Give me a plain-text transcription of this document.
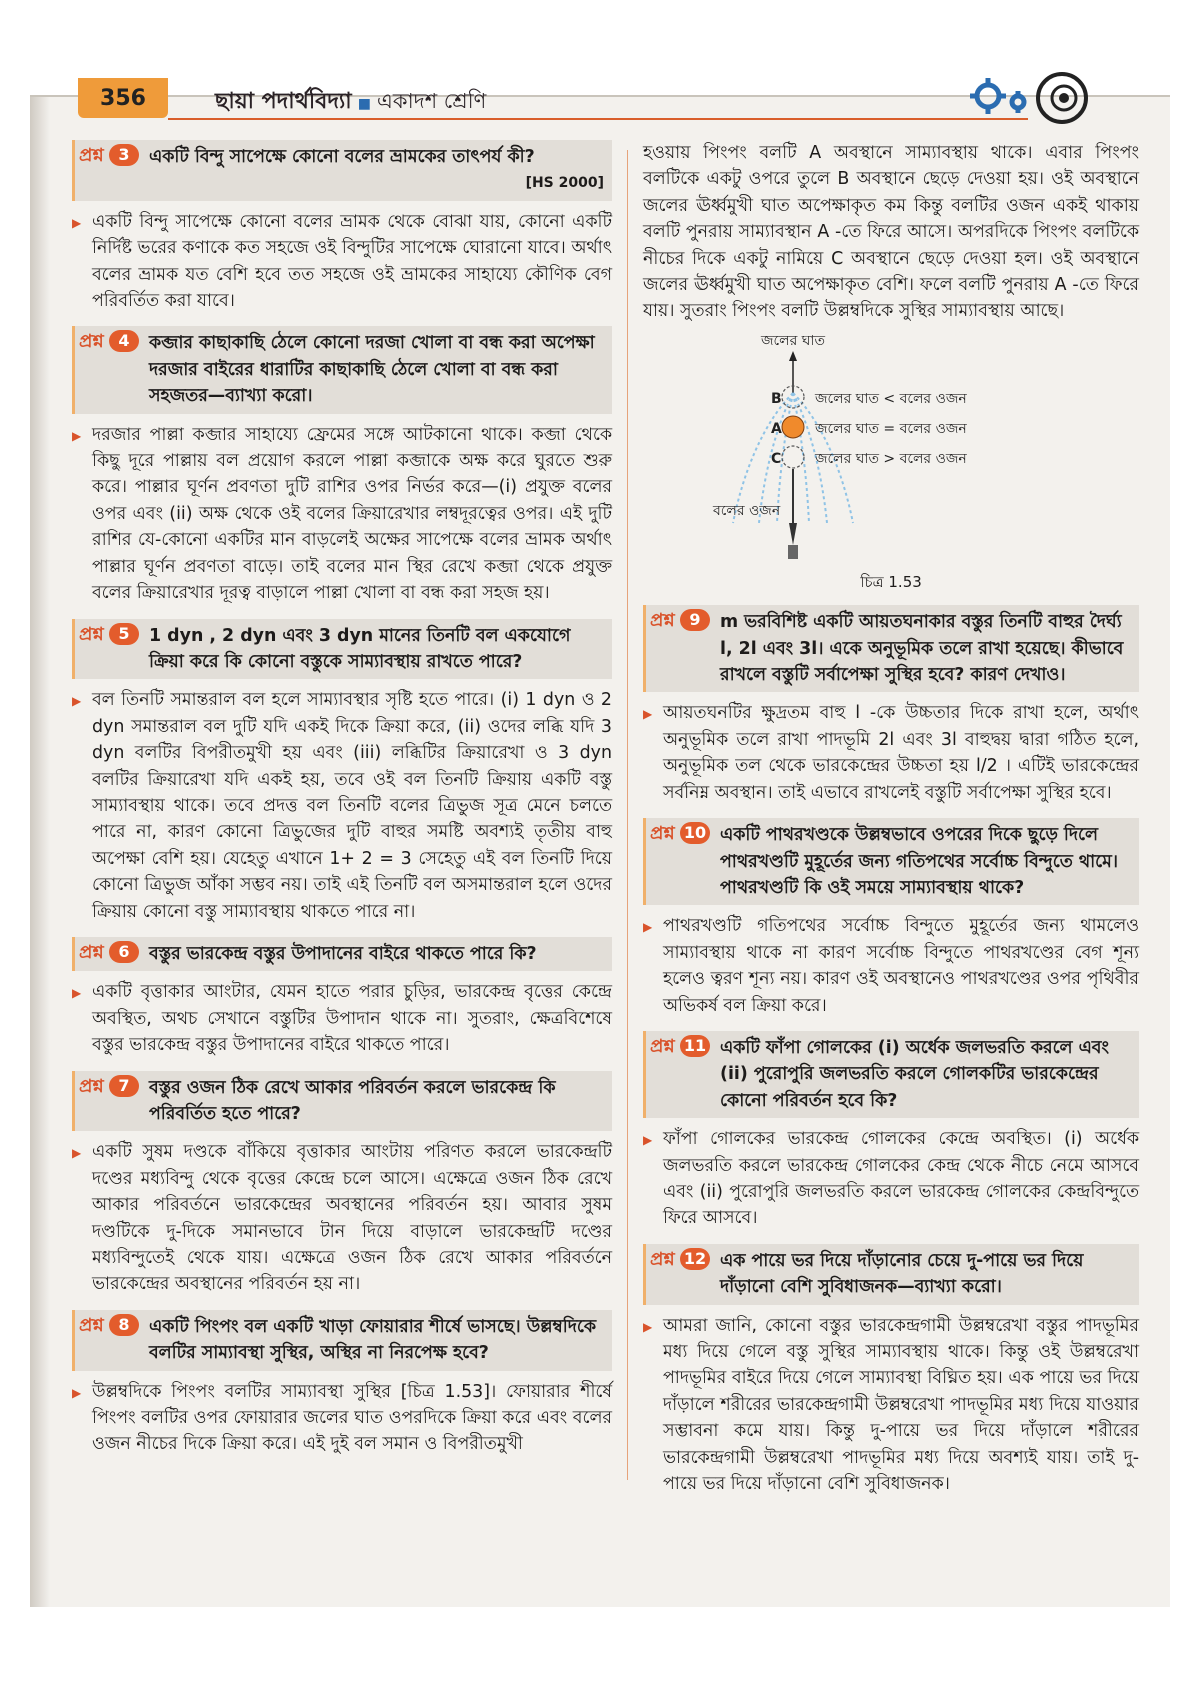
356	ছায়া পদার্থবিদ্যা ■ একাদশ শ্রেণি
প্রশ্ন 3	একটি বিন্দু সাপেক্ষে কোনো বলের ভ্রামকের তাৎপর্য কী?
[HS 2000]

▶ একটি বিন্দু সাপেক্ষে কোনো বলের ভ্রামক থেকে বোঝা যায়, কোনো একটি নির্দিষ্ট ভরের কণাকে কত সহজে ওই বিন্দুটির সাপেক্ষে ঘোরানো যাবে। অর্থাৎ বলের ভ্রামক যত বেশি হবে তত সহজে ওই ভ্রামকের সাহায্যে কৌণিক বেগ পরিবর্তিত করা যাবে।

প্রশ্ন 4	কব্জার কাছাকাছি ঠেলে কোনো দরজা খোলা বা বন্ধ করা অপেক্ষা দরজার বাইরের ধারাটির কাছাকাছি ঠেলে খোলা বা বন্ধ করা সহজতর—ব্যাখ্যা করো।

▶ দরজার পাল্লা কব্জার সাহায্যে ফ্রেমের সঙ্গে আটকানো থাকে। কব্জা থেকে কিছু দূরে পাল্লায় বল প্রয়োগ করলে পাল্লা কব্জাকে অক্ষ করে ঘুরতে শুরু করে। পাল্লার ঘূর্ণন প্রবণতা দুটি রাশির ওপর নির্ভর করে—(i) প্রযুক্ত বলের ওপর এবং (ii) অক্ষ থেকে ওই বলের ক্রিয়ারেখার লম্বদূরত্বের ওপর। এই দুটি রাশির যে-কোনো একটির মান বাড়লেই অক্ষের সাপেক্ষে বলের ভ্রামক অর্থাৎ পাল্লার ঘূর্ণন প্রবণতা বাড়ে। তাই বলের মান স্থির রেখে কব্জা থেকে প্রযুক্ত বলের ক্রিয়ারেখার দূরত্ব বাড়ালে পাল্লা খোলা বা বন্ধ করা সহজ হয়।

প্রশ্ন 5	1 dyn , 2 dyn এবং 3 dyn মানের তিনটি বল একযোগে ক্রিয়া করে কি কোনো বস্তুকে সাম্যাবস্থায় রাখতে পারে?

▶ বল তিনটি সমান্তরাল বল হলে সাম্যাবস্থার সৃষ্টি হতে পারে। (i) 1 dyn ও 2 dyn সমান্তরাল বল দুটি যদি একই দিকে ক্রিয়া করে, (ii) ওদের লব্ধি যদি 3 dyn বলটির বিপরীতমুখী হয় এবং (iii) লব্ধিটির ক্রিয়ারেখা ও 3 dyn বলটির ক্রিয়ারেখা যদি একই হয়, তবে ওই বল তিনটি ক্রিয়ায় একটি বস্তু সাম্যাবস্থায় থাকে। তবে প্রদত্ত বল তিনটি বলের ত্রিভুজ সূত্র মেনে চলতে পারে না, কারণ কোনো ত্রিভুজের দুটি বাহুর সমষ্টি অবশ্যই তৃতীয় বাহু অপেক্ষা বেশি হয়। যেহেতু এখানে 1+ 2 = 3 সেহেতু এই বল তিনটি দিয়ে কোনো ত্রিভুজ আঁকা সম্ভব নয়। তাই এই তিনটি বল অসমান্তরাল হলে ওদের ক্রিয়ায় কোনো বস্তু সাম্যাবস্থায় থাকতে পারে না।

প্রশ্ন 6	বস্তুর ভারকেন্দ্র বস্তুর উপাদানের বাইরে থাকতে পারে কি?

▶ একটি বৃত্তাকার আংটার, যেমন হাতে পরার চুড়ির, ভারকেন্দ্র বৃত্তের কেন্দ্রে অবস্থিত, অথচ সেখানে বস্তুটির উপাদান থাকে না। সুতরাং, ক্ষেত্রবিশেষে বস্তুর ভারকেন্দ্র বস্তুর উপাদানের বাইরে থাকতে পারে।

প্রশ্ন 7	বস্তুর ওজন ঠিক রেখে আকার পরিবর্তন করলে ভারকেন্দ্র কি পরিবর্তিত হতে পারে?

▶ একটি সুষম দণ্ডকে বাঁকিয়ে বৃত্তাকার আংটায় পরিণত করলে ভারকেন্দ্রটি দণ্ডের মধ্যবিন্দু থেকে বৃত্তের কেন্দ্রে চলে আসে। এক্ষেত্রে ওজন ঠিক রেখে আকার পরিবর্তনে ভারকেন্দ্রের অবস্থানের পরিবর্তন হয়। আবার সুষম দণ্ডটিকে দু-দিকে সমানভাবে টান দিয়ে বাড়ালে ভারকেন্দ্রটি দণ্ডের মধ্যবিন্দুতেই থেকে যায়। এক্ষেত্রে ওজন ঠিক রেখে আকার পরিবর্তনে ভারকেন্দ্রের অবস্থানের পরিবর্তন হয় না।

প্রশ্ন 8	একটি পিংপং বল একটি খাড়া ফোয়ারার শীর্ষে ভাসছে। উল্লম্বদিকে বলটির সাম্যাবস্থা সুস্থির, অস্থির না নিরপেক্ষ হবে?

▶ উল্লম্বদিকে পিংপং বলটির সাম্যাবস্থা সুস্থির [চিত্র 1.53]। ফোয়ারার শীর্ষে পিংপং বলটির ওপর ফোয়ারার জলের ঘাত ওপরদিকে ক্রিয়া করে এবং বলের ওজন নীচের দিকে ক্রিয়া করে। এই দুই বল সমান ও বিপরীতমুখী

হওয়ায় পিংপং বলটি A অবস্থানে সাম্যাবস্থায় থাকে। এবার পিংপং বলটিকে একটু ওপরে তুলে B অবস্থানে ছেড়ে দেওয়া হয়। ওই অবস্থানে জলের ঊর্ধ্বমুখী ঘাত অপেক্ষাকৃত কম কিন্তু বলটির ওজন একই থাকায় বলটি পুনরায় সাম্যাবস্থান A -তে ফিরে আসে। অপরদিকে পিংপং বলটিকে নীচের দিকে একটু নামিয়ে C অবস্থানে ছেড়ে দেওয়া হল। ওই অবস্থানে জলের ঊর্ধ্বমুখী ঘাত অপেক্ষাকৃত বেশি। ফলে বলটি পুনরায় A -তে ফিরে যায়। সুতরাং পিংপং বলটি উল্লম্বদিকে সুস্থির সাম্যাবস্থায় আছে।

জলের ঘাত
B
A
C
জলের ঘাত < বলের ওজন
জলের ঘাত = বলের ওজন
জলের ঘাত > বলের ওজন
বলের ওজন
চিত্র 1.53
প্রশ্ন 9	m ভরবিশিষ্ট একটি আয়তঘনাকার বস্তুর তিনটি বাহুর দৈর্ঘ্য l, 2l এবং 3l। একে অনুভূমিক তলে রাখা হয়েছে। কীভাবে রাখলে বস্তুটি সর্বাপেক্ষা সুস্থির হবে? কারণ দেখাও।

▶ আয়তঘনটির ক্ষুদ্রতম বাহু l -কে উচ্চতার দিকে রাখা হলে, অর্থাৎ অনুভূমিক তলে রাখা পাদভূমি 2l এবং 3l বাহুদ্বয় দ্বারা গঠিত হলে, অনুভূমিক তল থেকে ভারকেন্দ্রের উচ্চতা হয় l/2 । এটিই ভারকেন্দ্রের সর্বনিম্ন অবস্থান। তাই এভাবে রাখলেই বস্তুটি সর্বাপেক্ষা সুস্থির হবে।

প্রশ্ন 10 একটি পাথরখণ্ডকে উল্লম্বভাবে ওপরের দিকে ছুড়ে দিলে পাথরখণ্ডটি মুহূর্তের জন্য গতিপথের সর্বোচ্চ বিন্দুতে থামে। পাথরখণ্ডটি কি ওই সময়ে সাম্যাবস্থায় থাকে?

▶ পাথরখণ্ডটি গতিপথের সর্বোচ্চ বিন্দুতে মুহূর্তের জন্য থামলেও সাম্যাবস্থায় থাকে না কারণ সর্বোচ্চ বিন্দুতে পাথরখণ্ডের বেগ শূন্য হলেও ত্বরণ শূন্য নয়। কারণ ওই অবস্থানেও পাথরখণ্ডের ওপর পৃথিবীর অভিকর্ষ বল ক্রিয়া করে।

প্রশ্ন 11 একটি ফাঁপা গোলকের (i) অর্ধেক জলভরতি করলে এবং (ii) পুরোপুরি জলভরতি করলে গোলকটির ভারকেন্দ্রের কোনো পরিবর্তন হবে কি?

▶ ফাঁপা গোলকের ভারকেন্দ্র গোলকের কেন্দ্রে অবস্থিত। (i) অর্ধেক জলভরতি করলে ভারকেন্দ্র গোলকের কেন্দ্র থেকে নীচে নেমে আসবে এবং (ii) পুরোপুরি জলভরতি করলে ভারকেন্দ্র গোলকের কেন্দ্রবিন্দুতে ফিরে আসবে।

প্রশ্ন 12 এক পায়ে ভর দিয়ে দাঁড়ানোর চেয়ে দু-পায়ে ভর দিয়ে দাঁড়ানো বেশি সুবিধাজনক—ব্যাখ্যা করো।

▶ আমরা জানি, কোনো বস্তুর ভারকেন্দ্রগামী উল্লম্বরেখা বস্তুর পাদভূমির মধ্য দিয়ে গেলে বস্তু সুস্থির সাম্যাবস্থায় থাকে। কিন্তু ওই উল্লম্বরেখা পাদভূমির বাইরে দিয়ে গেলে সাম্যাবস্থা বিঘ্নিত হয়। এক পায়ে ভর দিয়ে দাঁড়ালে শরীরের ভারকেন্দ্রগামী উল্লম্বরেখা পাদভূমির মধ্য দিয়ে যাওয়ার সম্ভাবনা কমে যায়। কিন্তু দু-পায়ে ভর দিয়ে দাঁড়ালে শরীরের ভারকেন্দ্রগামী উল্লম্বরেখা পাদভূমির মধ্য দিয়ে অবশ্যই যায়। তাই দু-পায়ে ভর দিয়ে দাঁড়ানো বেশি সুবিধাজনক।
